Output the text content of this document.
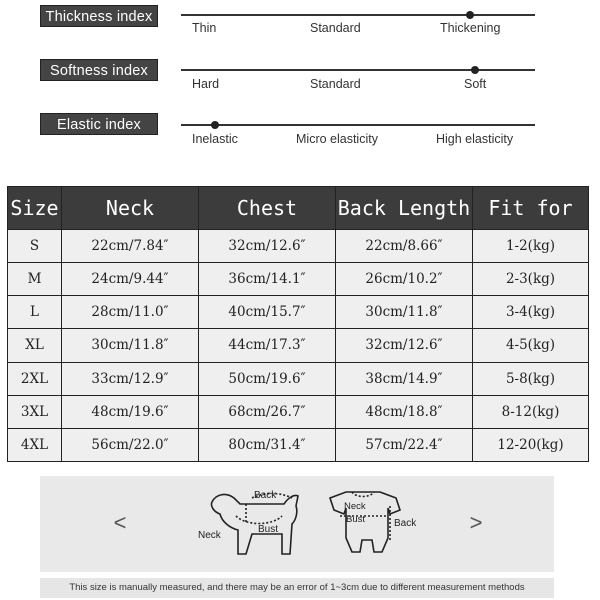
Thickness index
Thin	Standard	Thickening
Softness index
Hard	Standard	Soft
Elastic index
Inelastic	Micro elasticity	High elasticity
Size	Neck	Chest	Back Length	Fit for
S	22cm/7.84″	32cm/12.6″	22cm/8.66″	1-2(kg)
M	24cm/9.44″	36cm/14.1″	26cm/10.2″	2-3(kg)
L	28cm/11.0″	40cm/15.7″	30cm/11.8″	3-4(kg)
XL	30cm/11.8″	44cm/17.3″	32cm/12.6″	4-5(kg)
2XL	33cm/12.9″	50cm/19.6″	38cm/14.9″	5-8(kg)
3XL	48cm/19.6″	68cm/26.7″	48cm/18.8″	8-12(kg)
4XL	56cm/22.0″	80cm/31.4″	57cm/22.4″	12-20(kg)
<	>
Back
Neck
Bust
Neck
Bust	Back
This size is manually measured, and there may be an error of 1~3cm due to different measurement methods
